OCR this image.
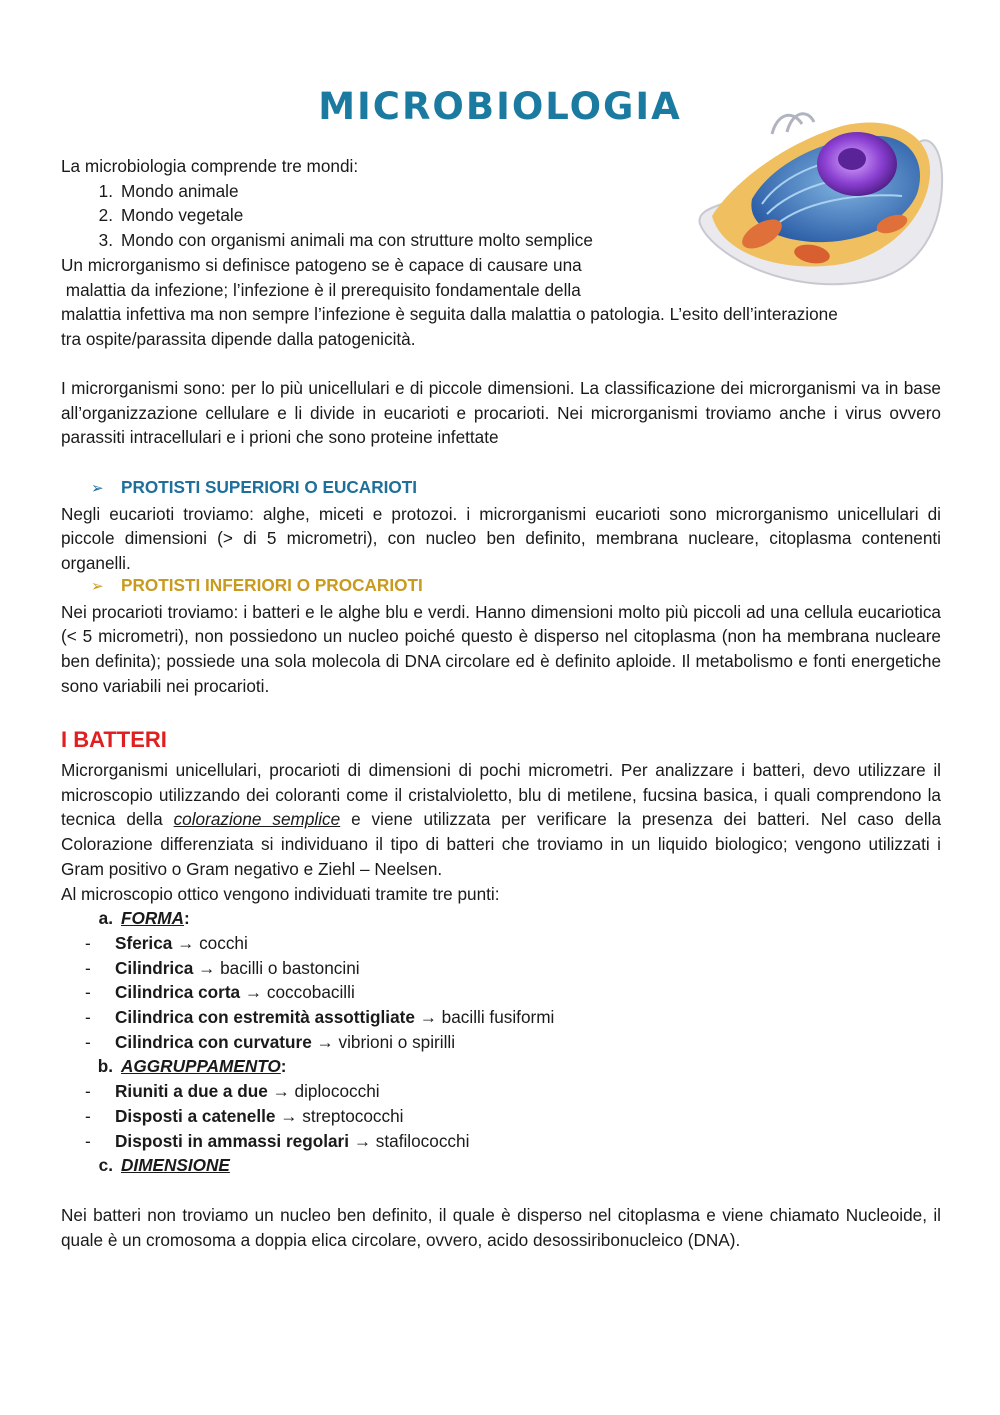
MICROBIOLOGIA
La microbiologia comprende tre mondi:
1. Mondo animale
2. Mondo vegetale
3. Mondo con organismi animali ma con strutture molto semplice
Un microrganismo si definisce patogeno se è capace di causare una
malattia da infezione; l’infezione è il prerequisito fondamentale della
malattia infettiva ma non sempre l’infezione è seguita dalla malattia o patologia. L’esito dell’interazione
tra ospite/parassita dipende dalla patogenicità.
I microrganismi sono: per lo più unicellulari e di piccole dimensioni. La classificazione dei microrganismi va in base all’organizzazione cellulare e li divide in eucarioti e procarioti. Nei microrganismi troviamo anche i virus ovvero parassiti intracellulari e i prioni che sono proteine infettate
➢ PROTISTI SUPERIORI O EUCARIOTI
Negli eucarioti troviamo: alghe, miceti e protozoi. i microrganismi eucarioti sono microrganismo unicellulari di piccole dimensioni (> di 5 micrometri), con nucleo ben definito, membrana nucleare, citoplasma contenenti organelli.
➢ PROTISTI INFERIORI O PROCARIOTI
Nei procarioti troviamo: i batteri e le alghe blu e verdi. Hanno dimensioni molto più piccoli ad una cellula eucariotica (< 5 micrometri), non possiedono un nucleo poiché questo è disperso nel citoplasma (non ha membrana nucleare ben definita); possiede una sola molecola di DNA circolare ed è definito aploide. Il metabolismo e fonti energetiche sono variabili nei procarioti.
I BATTERI
Microrganismi unicellulari, procarioti di dimensioni di pochi micrometri. Per analizzare i batteri, devo utilizzare il microscopio utilizzando dei coloranti come il cristalvioletto, blu di metilene, fucsina basica, i quali comprendono la tecnica della colorazione semplice e viene utilizzata per verificare la presenza dei batteri. Nel caso della Colorazione differenziata si individuano il tipo di batteri che troviamo in un liquido biologico; vengono utilizzati i Gram positivo o Gram negativo e Ziehl – Neelsen.
Al microscopio ottico vengono individuati tramite tre punti:
a. FORMA:
- Sferica → cocchi
- Cilindrica → bacilli o bastoncini
- Cilindrica corta → coccobacilli
- Cilindrica con estremità assottigliate → bacilli fusiformi
- Cilindrica con curvature → vibrioni o spirilli
b. AGGRUPPAMENTO:
- Riuniti a due a due → diplococchi
- Disposti a catenelle → streptococchi
- Disposti in ammassi regolari → stafilococchi
c. DIMENSIONE
Nei batteri non troviamo un nucleo ben definito, il quale è disperso nel citoplasma e viene chiamato Nucleoide, il quale è un cromosoma a doppia elica circolare, ovvero, acido desossiribonucleico (DNA).
